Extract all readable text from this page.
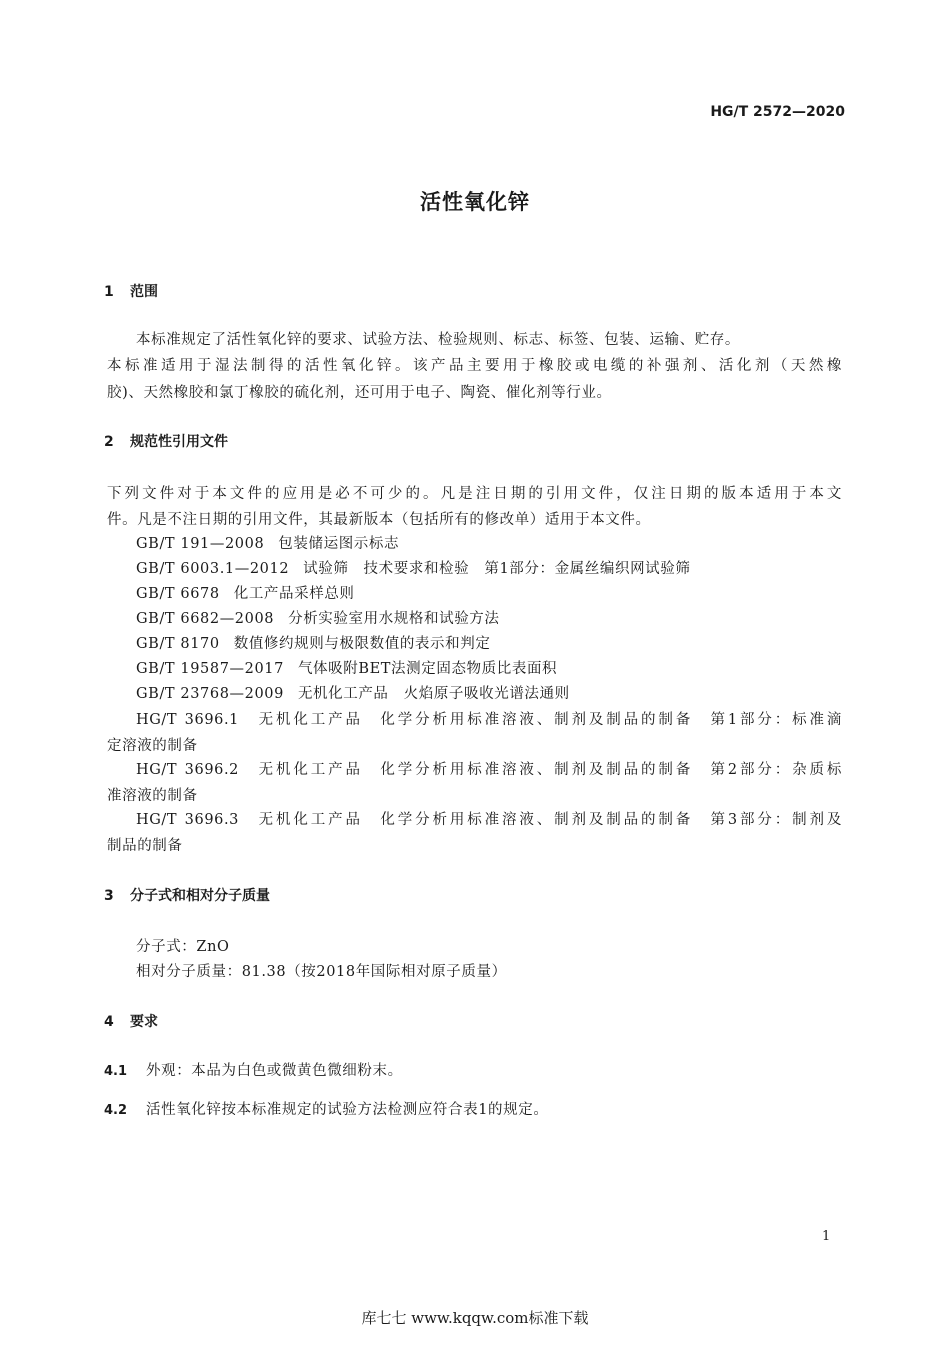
HG/T 2572—2020
活性氧化锌
1 范围
本标准规定了活性氧化锌的要求、试验方法、检验规则、标志、标签、包装、运输、贮存。
本标准适用于湿法制得的活性氧化锌。该产品主要用于橡胶或电缆的补强剂、活化剂（天然橡
胶)、天然橡胶和氯丁橡胶的硫化剂，还可用于电子、陶瓷、催化剂等行业。
2 规范性引用文件
下列文件对于本文件的应用是必不可少的。凡是注日期的引用文件，仅注日期的版本适用于本文
件。凡是不注日期的引用文件，其最新版本（包括所有的修改单）适用于本文件。
GB/T 191—2008 包装储运图示标志
GB/T 6003.1—2012 试验筛　技术要求和检验　第1部分：金属丝编织网试验筛
GB/T 6678 化工产品采样总则
GB/T 6682—2008 分析实验室用水规格和试验方法
GB/T 8170 数值修约规则与极限数值的表示和判定
GB/T 19587—2017 气体吸附BET法测定固态物质比表面积
GB/T 23768—2009 无机化工产品　火焰原子吸收光谱法通则
HG/T 3696.1　无机化工产品　化学分析用标准溶液、制剂及制品的制备　第1部分：标准滴
定溶液的制备
HG/T 3696.2　无机化工产品　化学分析用标准溶液、制剂及制品的制备　第2部分：杂质标
准溶液的制备
HG/T 3696.3　无机化工产品　化学分析用标准溶液、制剂及制品的制备　第3部分：制剂及
制品的制备
3 分子式和相对分子质量
分子式：ZnO
相对分子质量：81.38（按2018年国际相对原子质量）
4 要求
4.1 外观：本品为白色或微黄色微细粉末。
4.2 活性氧化锌按本标准规定的试验方法检测应符合表1的规定。
1
库七七 www.kqqw.com标准下载
